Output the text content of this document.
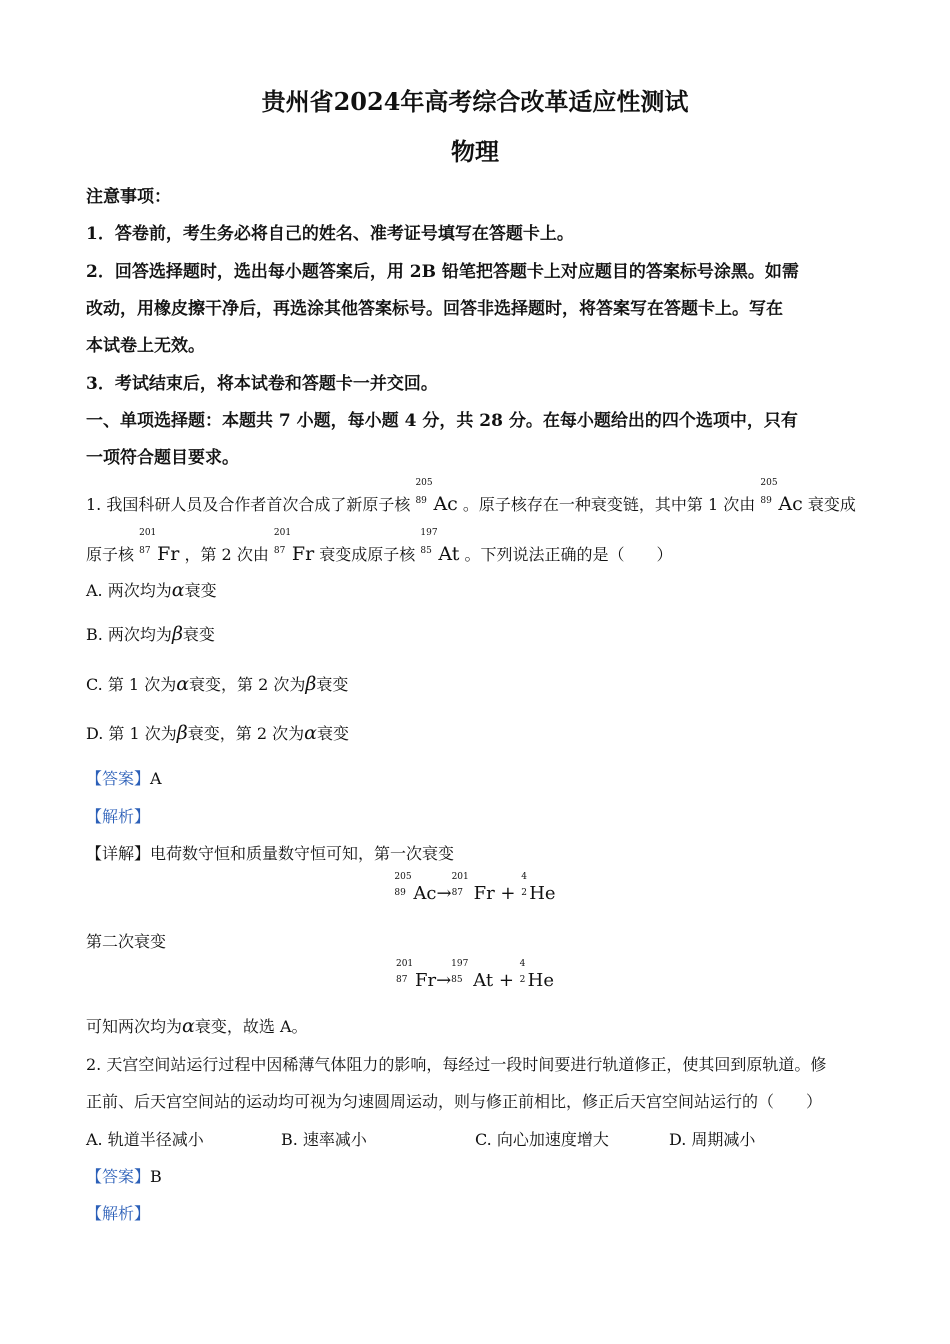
贵州省2024年高考综合改革适应性测试
物理
注意事项：
1．答卷前，考生务必将自己的姓名、准考证号填写在答题卡上。
2．回答选择题时，选出每小题答案后，用 2B 铅笔把答题卡上对应题目的答案标号涂黑。如需
改动，用橡皮擦干净后，再选涂其他答案标号。回答非选择题时，将答案写在答题卡上。写在
本试卷上无效。
3．考试结束后，将本试卷和答题卡一并交回。
一、单项选择题：本题共 7 小题，每小题 4 分，共 28 分。在每小题给出的四个选项中，只有
一项符合题目要求。
1. 我国科研人员及合作者首次合成了新原子核
205
89 Ac 。原子核存在一种衰变链，其中第 1 次由
205
89 Ac 衰变成
原子核
201
87 Fr ，第 2 次由
201
87 Fr 衰变成原子核
197
85 At 。下列说法正确的是（　　）
A. 两次均为α衰变
B. 两次均为β衰变
C. 第 1 次为α衰变，第 2 次为β衰变
D. 第 1 次为β衰变，第 2 次为α衰变
【答案】A
【解析】
【详解】电荷数守恒和质量数守恒可知，第一次衰变
205
89 Ac→
201
87 Fr +
4
2 He
第二次衰变
201
87 Fr→
197
85 At +
4
2 He
可知两次均为α衰变，故选 A。
2. 天宫空间站运行过程中因稀薄气体阻力的影响，每经过一段时间要进行轨道修正，使其回到原轨道。修
正前、后天宫空间站的运动均可视为匀速圆周运动，则与修正前相比，修正后天宫空间站运行的（　　）
A. 轨道半径减小	B. 速率减小	C. 向心加速度增大	D. 周期减小
【答案】B
【解析】
